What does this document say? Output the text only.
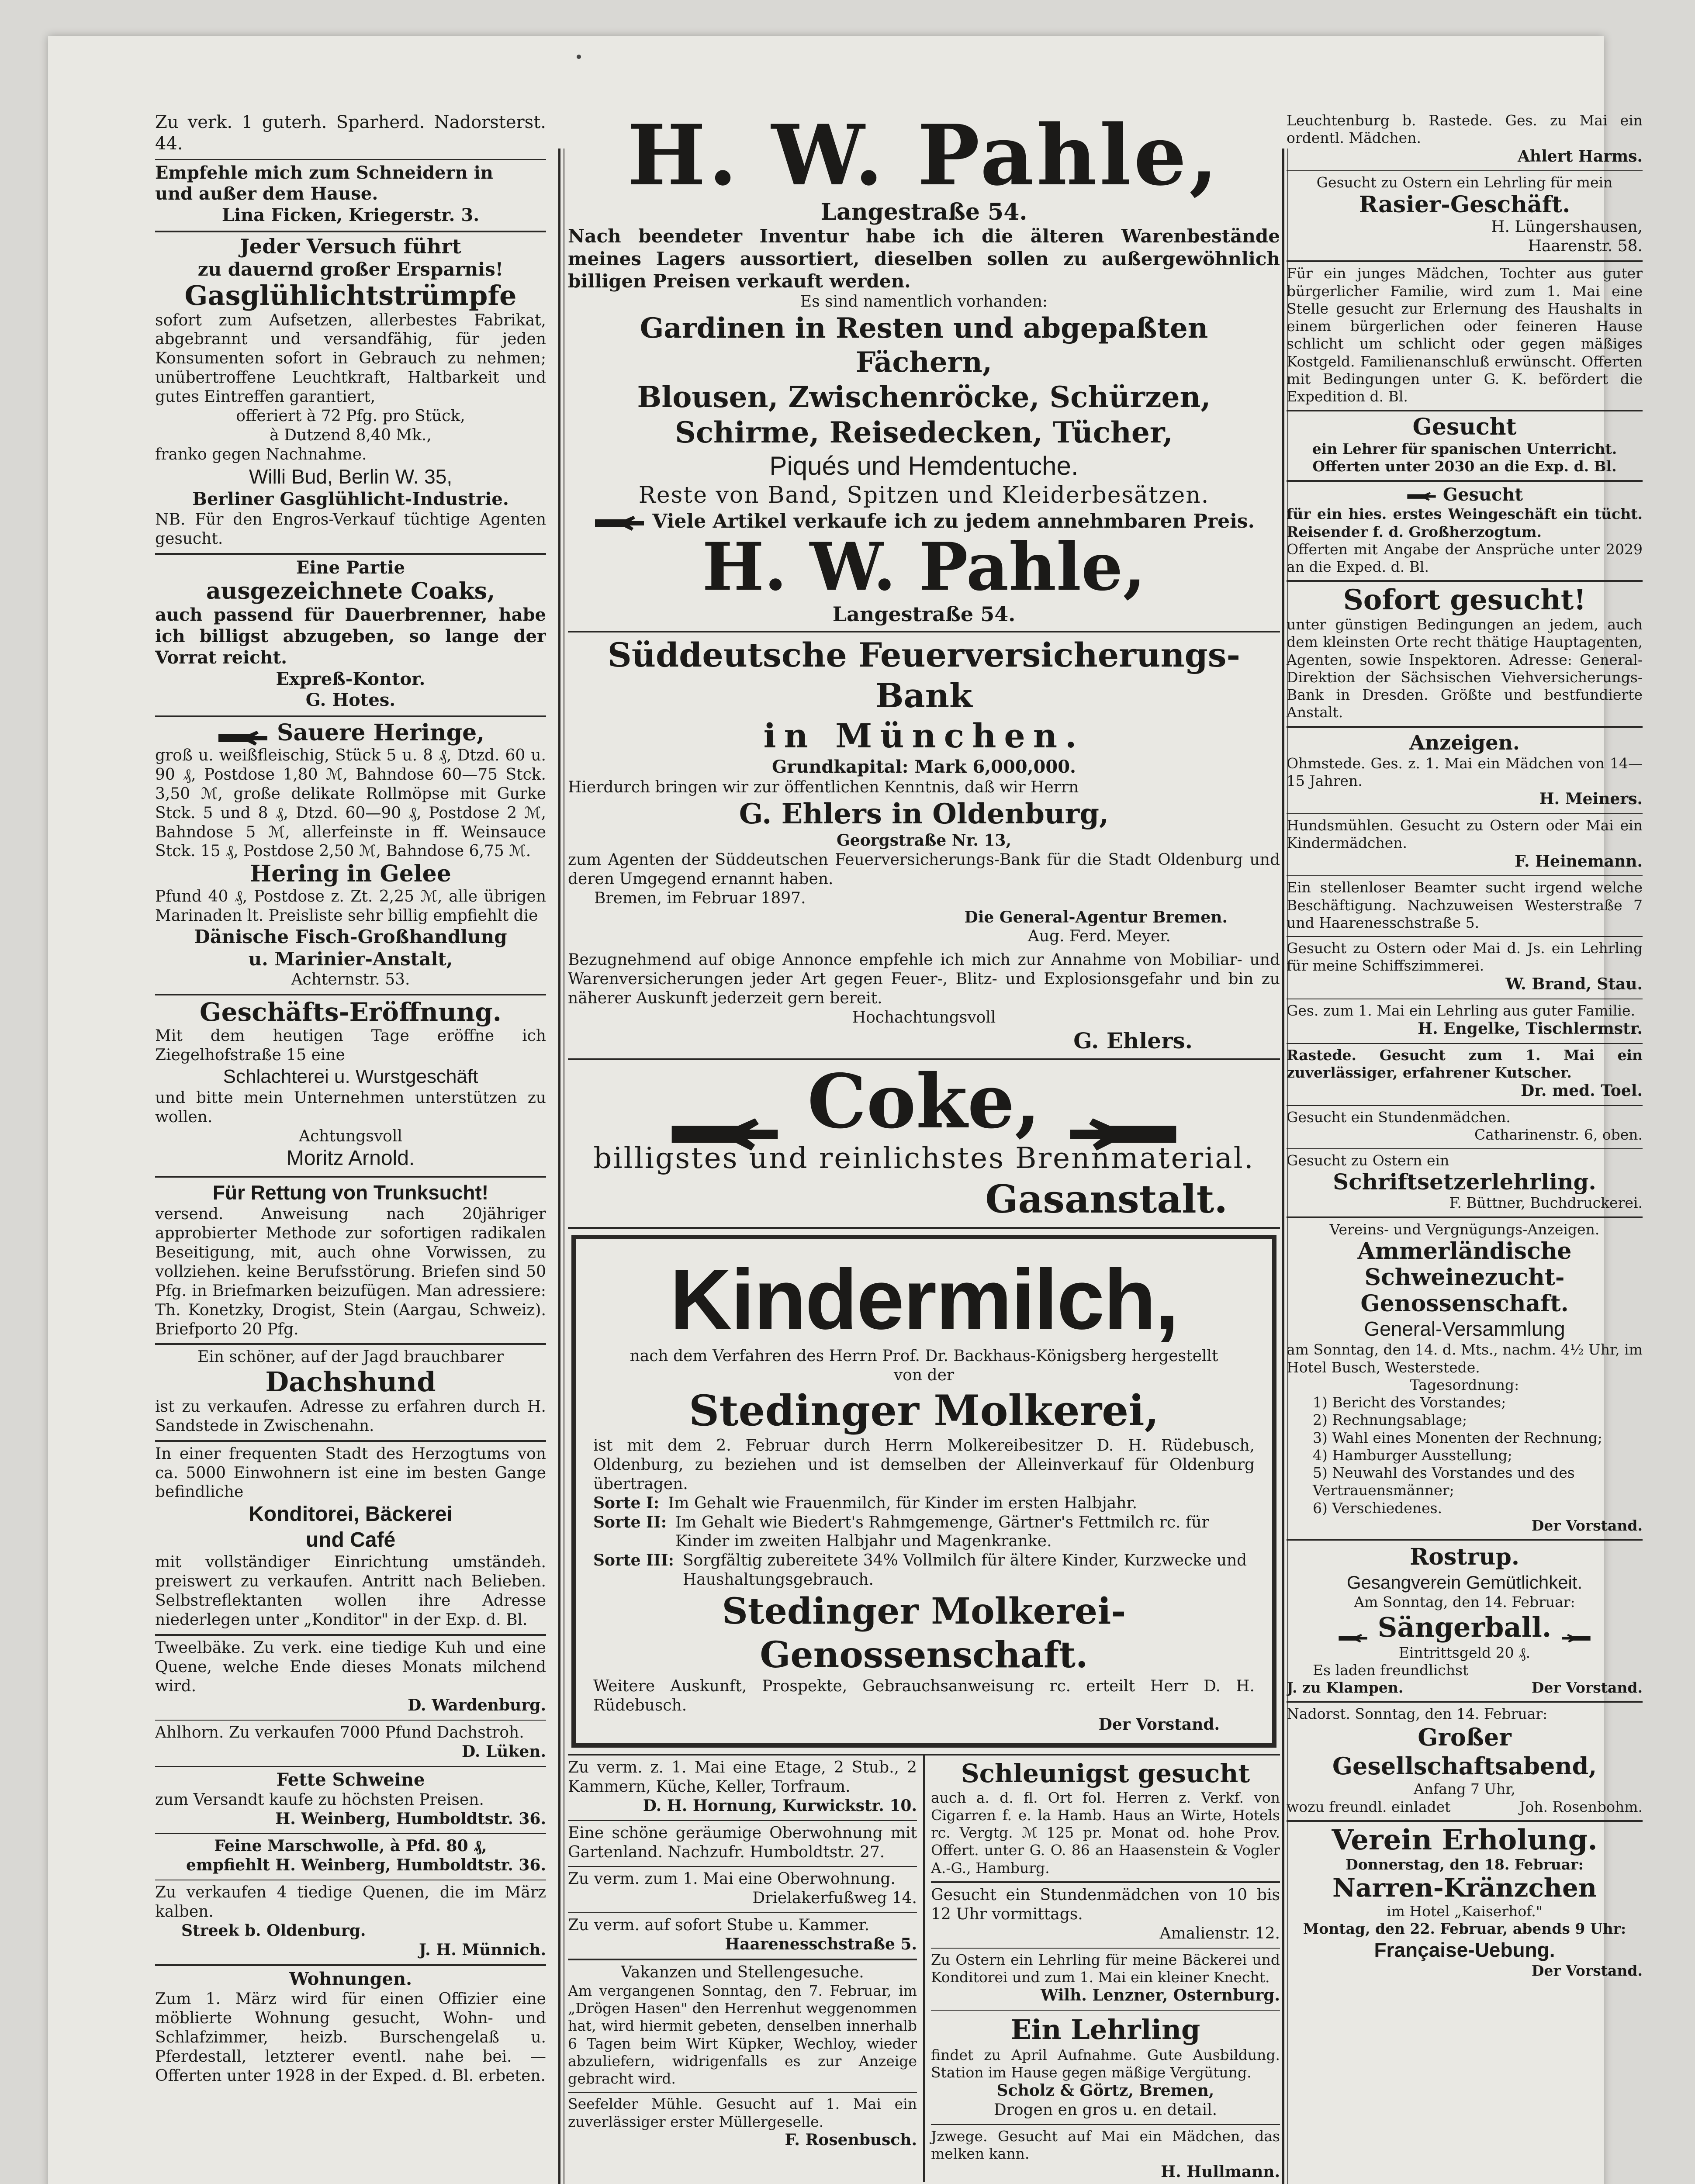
Zu verk. 1 guterh. Sparherd. Nadorsterst. 44.
Empfehle mich zum Schneidern in
und außer dem Hause.
Lina Ficken, Kriegerstr. 3.
Jeder Versuch führt
zu dauernd großer Ersparnis!
Gasglühlichtstrümpfe
sofort zum Aufsetzen, allerbestes Fabrikat, abgebrannt und versandfähig, für jeden Konsumenten sofort in Gebrauch zu nehmen; unübertroffene Leuchtkraft, Haltbarkeit und gutes Eintreffen garantiert,
offeriert à 72 Pfg. pro Stück,
à Dutzend 8,40 Mk.,
franko gegen Nachnahme.
Willi Bud, Berlin W. 35,
Berliner Gasglühlicht-Industrie.
NB. Für den Engros-Verkauf tüchtige Agenten gesucht.
Eine Partie
ausgezeichnete Coaks,
auch passend für Dauerbrenner, habe ich billigst abzugeben, so lange der Vorrat reicht.
Expreß-Kontor.
G. Hotes.
Sauere Heringe,
groß u. weißfleischig, Stück 5 u. 8 ₰, Dtzd. 60 u. 90 ₰, Postdose 1,80 ℳ, Bahndose 60—75 Stck. 3,50 ℳ, große delikate Rollmöpse mit Gurke Stck. 5 und 8 ₰, Dtzd. 60—90 ₰, Postdose 2 ℳ, Bahndose 5 ℳ, allerfeinste in ff. Weinsauce Stck. 15 ₰, Postdose 2,50 ℳ, Bahndose 6,75 ℳ.
Hering in Gelee
Pfund 40 ₰, Postdose z. Zt. 2,25 ℳ, alle übrigen Marinaden lt. Preisliste sehr billig empfiehlt die
Dänische Fisch-Großhandlung
u. Marinier-Anstalt,
Achternstr. 53.
Geschäfts-Eröffnung.
Mit dem heutigen Tage eröffne ich Ziegelhofstraße 15 eine
Schlachterei u. Wurstgeschäft
und bitte mein Unternehmen unterstützen zu wollen.
Achtungsvoll
Moritz Arnold.
Für Rettung von Trunksucht!
versend. Anweisung nach 20jähriger approbierter Methode zur sofortigen radikalen Beseitigung, mit, auch ohne Vorwissen, zu vollziehen. keine Berufsstörung. Briefen sind 50 Pfg. in Briefmarken beizufügen. Man adressiere: Th. Konetzky, Drogist, Stein (Aargau, Schweiz). Briefporto 20 Pfg.
Ein schöner, auf der Jagd brauchbarer
Dachshund
ist zu verkaufen. Adresse zu erfahren durch H. Sandstede in Zwischenahn.
In einer frequenten Stadt des Herzogtums von ca. 5000 Einwohnern ist eine im besten Gange befindliche
Konditorei, Bäckerei
und Café
mit vollständiger Einrichtung umständeh. preiswert zu verkaufen. Antritt nach Belieben. Selbstreflektanten wollen ihre Adresse niederlegen unter „Konditor" in der Exp. d. Bl.
Tweelbäke. Zu verk. eine tiedige Kuh und eine Quene, welche Ende dieses Monats milchend wird.
D. Wardenburg.
Ahlhorn. Zu verkaufen 7000 Pfund Dachstroh.
D. Lüken.
Fette Schweine
zum Versandt kaufe zu höchsten Preisen.
H. Weinberg, Humboldtstr. 36.
Feine Marschwolle, à Pfd. 80 ₰,
empfiehlt H. Weinberg, Humboldtstr. 36.
Zu verkaufen 4 tiedige Quenen, die im März kalben.
Streek b. Oldenburg.
J. H. Münnich.
Wohnungen.
Zum 1. März wird für einen Offizier eine möblierte Wohnung gesucht, Wohn- und Schlafzimmer, heizb. Burschengelaß u. Pferdestall, letzterer eventl. nahe bei. — Offerten unter 1928 in der Exped. d. Bl. erbeten.
H. W. Pahle,
Langestraße 54.
Nach beendeter Inventur habe ich die älteren Warenbestände meines Lagers aussortiert, dieselben sollen zu außergewöhnlich billigen Preisen verkauft werden.
Es sind namentlich vorhanden:
Gardinen in Resten und abgepaßten Fächern,
Blousen, Zwischenröcke, Schürzen,
Schirme, Reisedecken, Tücher,
Piqués und Hemdentuche.
Reste von Band, Spitzen und Kleiderbesätzen.
Viele Artikel verkaufe ich zu jedem annehmbaren Preis.
H. W. Pahle,
Langestraße 54.
Süddeutsche Feuerversicherungs-Bank
in München.
Grundkapital: Mark 6,000,000.
Hierdurch bringen wir zur öffentlichen Kenntnis, daß wir Herrn
G. Ehlers in Oldenburg,
Georgstraße Nr. 13,
zum Agenten der Süddeutschen Feuerversicherungs-Bank für die Stadt Oldenburg und deren Umgegend ernannt haben.
Bremen, im Februar 1897.
Die General-Agentur Bremen.
Aug. Ferd. Meyer.
Bezugnehmend auf obige Annonce empfehle ich mich zur Annahme von Mobiliar- und Warenversicherungen jeder Art gegen Feuer-, Blitz- und Explosionsgefahr und bin zu näherer Auskunft jederzeit gern bereit.
Hochachtungsvoll
G. Ehlers.
Coke,
billigstes und reinlichstes Brennmaterial.
Gasanstalt.
Kindermilch,
nach dem Verfahren des Herrn Prof. Dr. Backhaus-Königsberg hergestellt
von der
Stedinger Molkerei,
ist mit dem 2. Februar durch Herrn Molkereibesitzer D. H. Rüdebusch, Oldenburg, zu beziehen und ist demselben der Alleinverkauf für Oldenburg übertragen.
Sorte I: Im Gehalt wie Frauenmilch, für Kinder im ersten Halbjahr.
Sorte II: Im Gehalt wie Biedert's Rahmgemenge, Gärtner's Fettmilch rc. für Kinder im zweiten Halbjahr und Magenkranke.
Sorte III: Sorgfältig zubereitete 34% Vollmilch für ältere Kinder, Kurzwecke und Haushaltungsgebrauch.
Stedinger Molkerei-Genossenschaft.
Weitere Auskunft, Prospekte, Gebrauchsanweisung rc. erteilt Herr D. H. Rüdebusch.
Der Vorstand.
Zu verm. z. 1. Mai eine Etage, 2 Stub., 2 Kammern, Küche, Keller, Torfraum.
D. H. Hornung, Kurwickstr. 10.
Eine schöne geräumige Oberwohnung mit Gartenland. Nachzufr. Humboldtstr. 27.
Zu verm. zum 1. Mai eine Oberwohnung.
Drielakerfußweg 14.
Zu verm. auf sofort Stube u. Kammer.
Haarenesschstraße 5.
Vakanzen und Stellengesuche.
Am vergangenen Sonntag, den 7. Februar, im „Drögen Hasen" den Herrenhut weggenommen hat, wird hiermit gebeten, denselben innerhalb 6 Tagen beim Wirt Küpker, Wechloy, wieder abzuliefern, widrigenfalls es zur Anzeige gebracht wird.
Seefelder Mühle. Gesucht auf 1. Mai ein zuverlässiger erster Müllergeselle.
F. Rosenbusch.
Schleunigst gesucht
auch a. d. fl. Ort fol. Herren z. Verkf. von Cigarren f. e. la Hamb. Haus an Wirte, Hotels rc. Vergtg. ℳ 125 pr. Monat od. hohe Prov. Offert. unter G. O. 86 an Haasenstein & Vogler A.-G., Hamburg.
Gesucht ein Stundenmädchen von 10 bis 12 Uhr vormittags.
Amalienstr. 12.
Zu Ostern ein Lehrling für meine Bäckerei und Konditorei und zum 1. Mai ein kleiner Knecht.
Wilh. Lenzner, Osternburg.
Ein Lehrling
findet zu April Aufnahme. Gute Ausbildung. Station im Hause gegen mäßige Vergütung.
Scholz & Görtz, Bremen,
Drogen en gros u. en detail.
Jzwege. Gesucht auf Mai ein Mädchen, das melken kann.
H. Hullmann.
Leuchtenburg b. Rastede. Ges. zu Mai ein ordentl. Mädchen.
Ahlert Harms.
Gesucht zu Ostern ein Lehrling für mein
Rasier-Geschäft.
H. Lüngershausen,
Haarenstr. 58.
Für ein junges Mädchen, Tochter aus guter bürgerlicher Familie, wird zum 1. Mai eine Stelle gesucht zur Erlernung des Haushalts in einem bürgerlichen oder feineren Hause schlicht um schlicht oder gegen mäßiges Kostgeld. Familienanschluß erwünscht. Offerten mit Bedingungen unter G. K. befördert die Expedition d. Bl.
Gesucht
ein Lehrer für spanischen Unterricht. Offerten unter 2030 an die Exp. d. Bl.
Gesucht
für ein hies. erstes Weingeschäft ein tücht. Reisender f. d. Großherzogtum.
Offerten mit Angabe der Ansprüche unter 2029 an die Exped. d. Bl.
Sofort gesucht!
unter günstigen Bedingungen an jedem, auch dem kleinsten Orte recht thätige Hauptagenten, Agenten, sowie Inspektoren. Adresse: General-Direktion der Sächsischen Viehversicherungs-Bank in Dresden. Größte und bestfundierte Anstalt.
Anzeigen.
Ohmstede. Ges. z. 1. Mai ein Mädchen von 14—15 Jahren.
H. Meiners.
Hundsmühlen. Gesucht zu Ostern oder Mai ein Kindermädchen.
F. Heinemann.
Ein stellenloser Beamter sucht irgend welche Beschäftigung. Nachzuweisen Westerstraße 7 und Haarenesschstraße 5.
Gesucht zu Ostern oder Mai d. Js. ein Lehrling für meine Schiffszimmerei.
W. Brand, Stau.
Ges. zum 1. Mai ein Lehrling aus guter Familie.
H. Engelke, Tischlermstr.
Rastede. Gesucht zum 1. Mai ein zuverlässiger, erfahrener Kutscher.
Dr. med. Toel.
Gesucht ein Stundenmädchen.
Catharinenstr. 6, oben.
Gesucht zu Ostern ein
Schriftsetzerlehrling.
F. Büttner, Buchdruckerei.
Vereins- und Vergnügungs-Anzeigen.
Ammerländische
Schweinezucht-
Genossenschaft.
General-Versammlung
am Sonntag, den 14. d. Mts., nachm. 4½ Uhr, im Hotel Busch, Westerstede.
Tagesordnung:
1) Bericht des Vorstandes;
2) Rechnungsablage;
3) Wahl eines Monenten der Rechnung;
4) Hamburger Ausstellung;
5) Neuwahl des Vorstandes und des Vertrauensmänner;
6) Verschiedenes.
Der Vorstand.
Rostrup.
Gesangverein Gemütlichkeit.
Am Sonntag, den 14. Februar:
Sängerball.
Eintrittsgeld 20 ₰.
Es laden freundlichst
J. zu Klampen.	Der Vorstand.
Nadorst. Sonntag, den 14. Februar:
Großer Gesellschaftsabend,
Anfang 7 Uhr,
wozu freundl. einladet	Joh. Rosenbohm.
Verein Erholung.
Donnerstag, den 18. Februar:
Narren-Kränzchen
im Hotel „Kaiserhof."
Montag, den 22. Februar, abends 9 Uhr:
Française-Uebung.
Der Vorstand.
